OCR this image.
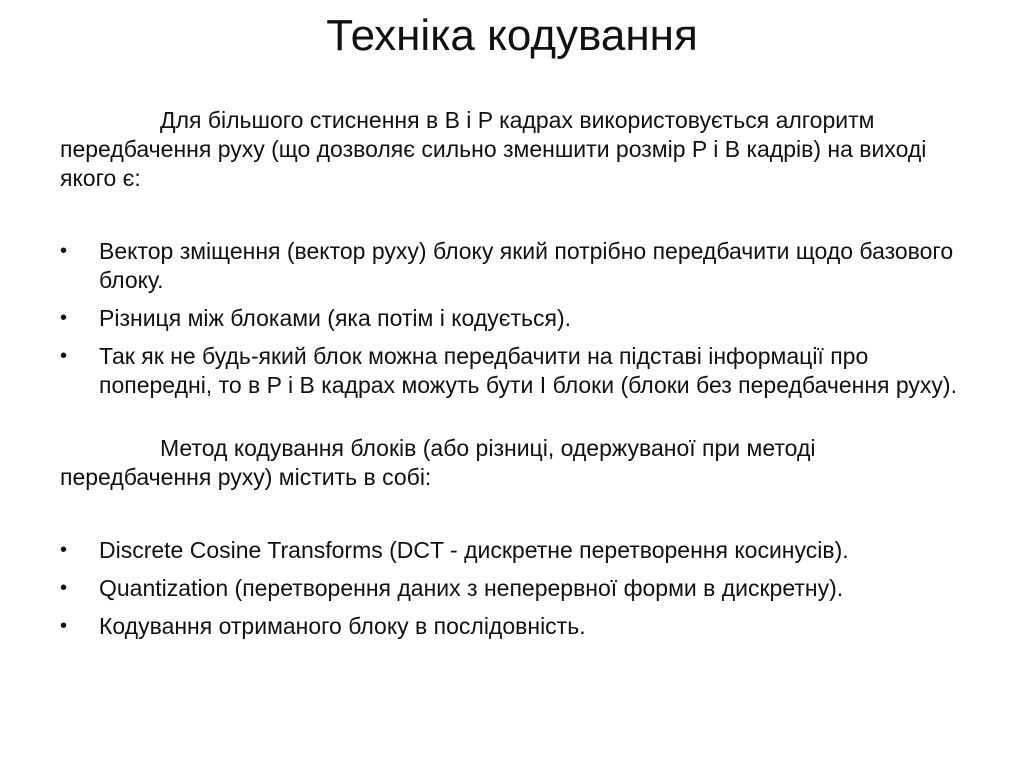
Техніка кодування

Для більшого стиснення в B і P кадрах використовується алгоритм передбачення руху (що дозволяє сильно зменшити розмір P і B кадрів) на виході якого є:

• Вектор зміщення (вектор руху) блоку який потрібно передбачити щодо базового блоку.
• Різниця між блоками (яка потім і кодується).
• Так як не будь-який блок можна передбачити на підставі інформації про попередні, то в P і B кадрах можуть бути I блоки (блоки без передбачення руху).

Метод кодування блоків (або різниці, одержуваної при методі передбачення руху) містить в собі:

• Discrete Cosine Transforms (DCT - дискретне перетворення косинусів).
• Quantization (перетворення даних з неперервної форми в дискретну).
• Кодування отриманого блоку в послідовність.
